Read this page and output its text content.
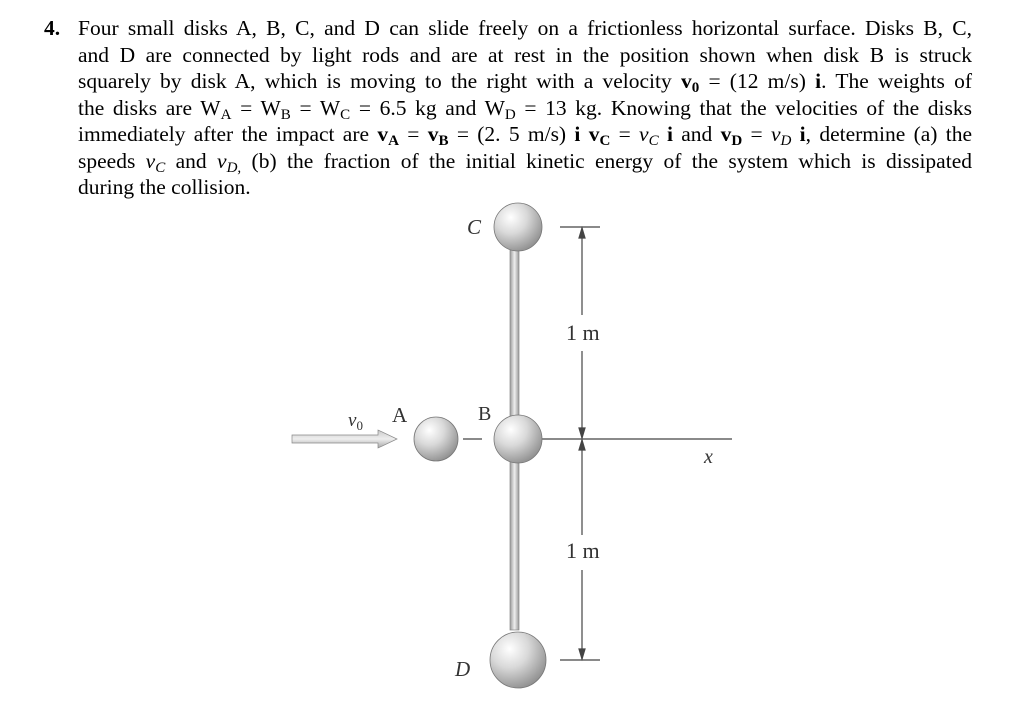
4. Four small disks A, B, C, and D can slide freely on a frictionless horizontal surface. Disks B, C,
and D are connected by light rods and are at rest in the position shown when disk B is struck
squarely by disk A, which is moving to the right with a velocity $v_0 = (12$ m/s) i. The weights of
the disks are $W_A = W_B = W_C = 6.5$ kg and $W_D = 13$ kg. Knowing that the velocities of the disks
immediately after the impact are $v_A = v_B = (2$. 5 m/s) i $v_C = v_C$ i and $v_D = v_D$ i, determine (a) the
speeds $v_C$ and $v_{D,}$ (b) the fraction of the initial kinetic energy of the system which is dissipated
during the collision.
C
B
A
D
$v_0$
x
1 m
1 m
